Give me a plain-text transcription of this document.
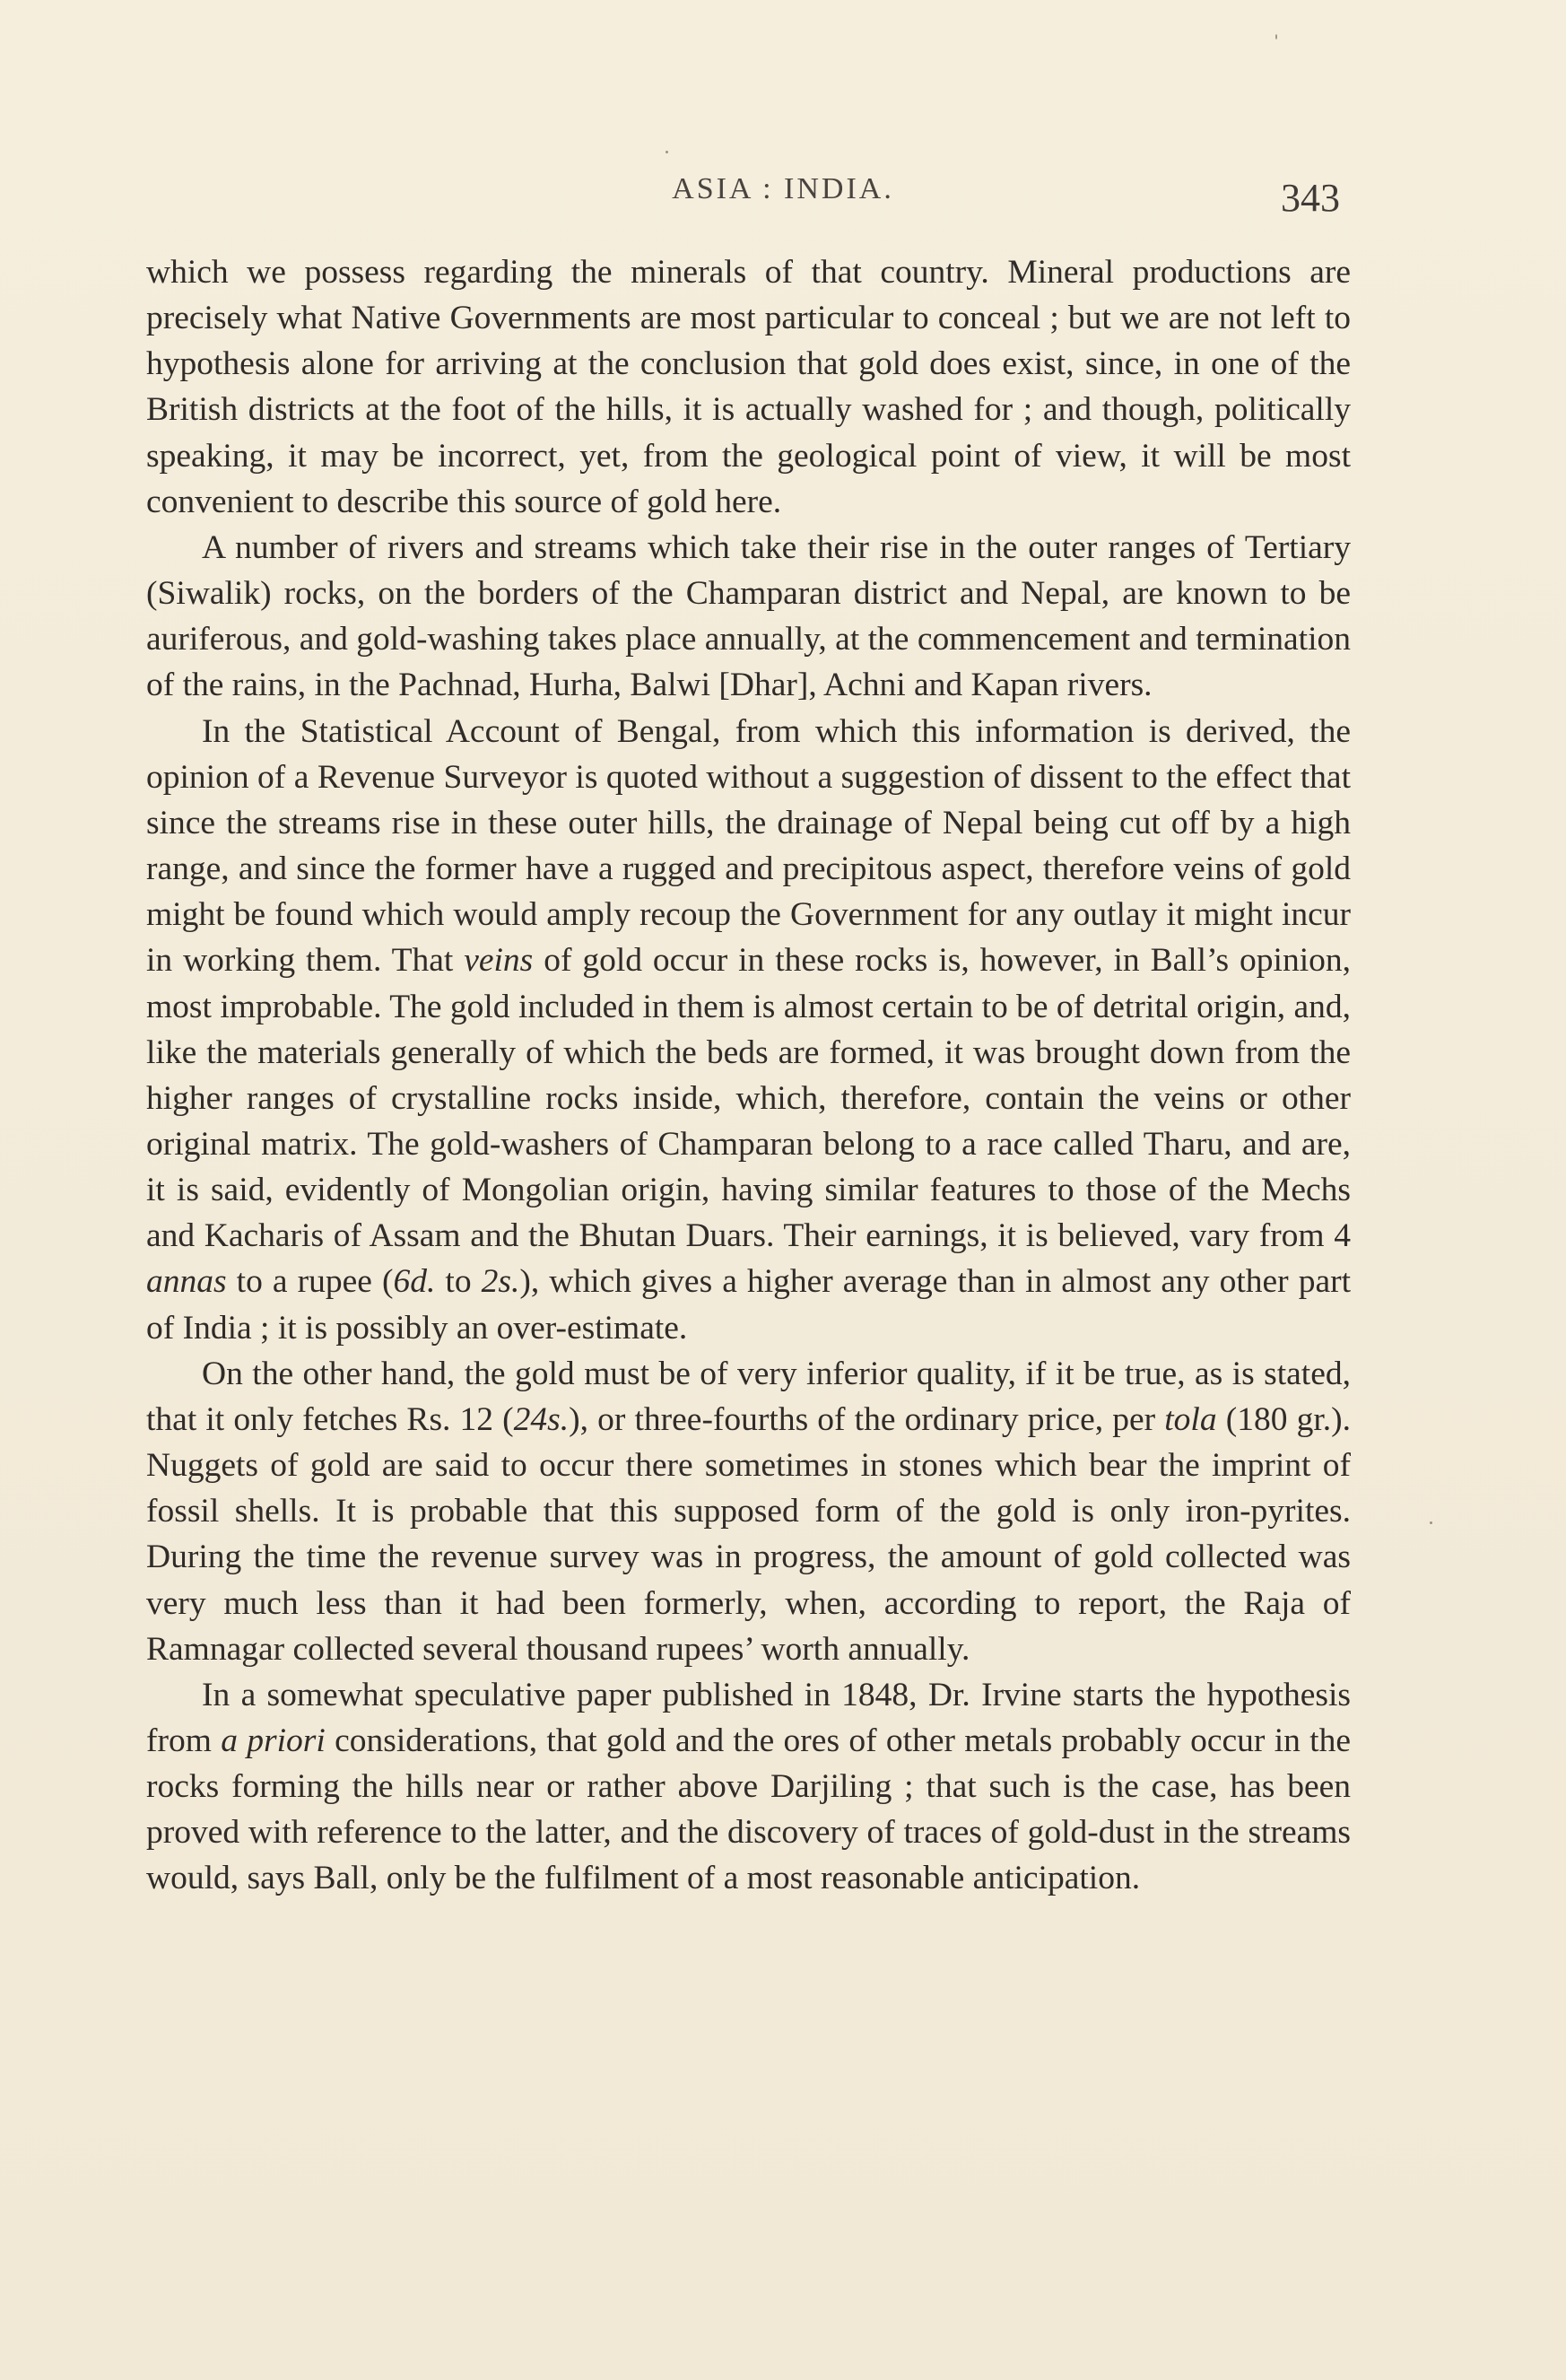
ASIA : INDIA.	343

which we possess regarding the minerals of that country. Mineral productions are precisely what Native Governments are most particular to conceal ; but we are not left to hypothesis alone for arriving at the conclusion that gold does exist, since, in one of the British districts at the foot of the hills, it is actually washed for ; and though, politically speaking, it may be incorrect, yet, from the geological point of view, it will be most convenient to describe this source of gold here.

A number of rivers and streams which take their rise in the outer ranges of Tertiary (Siwalik) rocks, on the borders of the Champaran district and Nepal, are known to be auriferous, and gold-washing takes place annually, at the commencement and termination of the rains, in the Pachnad, Hurha, Balwi [Dhar], Achni and Kapan rivers.

In the Statistical Account of Bengal, from which this information is derived, the opinion of a Revenue Surveyor is quoted without a suggestion of dissent to the effect that since the streams rise in these outer hills, the drainage of Nepal being cut off by a high range, and since the former have a rugged and precipitous aspect, therefore veins of gold might be found which would amply recoup the Government for any outlay it might incur in working them. That veins of gold occur in these rocks is, however, in Ball’s opinion, most improbable. The gold included in them is almost certain to be of detrital origin, and, like the materials generally of which the beds are formed, it was brought down from the higher ranges of crystalline rocks inside, which, therefore, contain the veins or other original matrix. The gold-washers of Champaran belong to a race called Tharu, and are, it is said, evidently of Mongolian origin, having similar features to those of the Mechs and Kacharis of Assam and the Bhutan Duars. Their earnings, it is believed, vary from 4 annas to a rupee (6d. to 2s.), which gives a higher average than in almost any other part of India ; it is possibly an over-estimate.

On the other hand, the gold must be of very inferior quality, if it be true, as is stated, that it only fetches Rs. 12 (24s.), or three-fourths of the ordinary price, per tola (180 gr.). Nuggets of gold are said to occur there sometimes in stones which bear the imprint of fossil shells. It is probable that this supposed form of the gold is only iron-pyrites. During the time the revenue survey was in progress, the amount of gold collected was very much less than it had been formerly, when, according to report, the Raja of Ramnagar collected several thousand rupees’ worth annually.

In a somewhat speculative paper published in 1848, Dr. Irvine starts the hypothesis from a priori considerations, that gold and the ores of other metals probably occur in the rocks forming the hills near or rather above Darjiling ; that such is the case, has been proved with reference to the latter, and the discovery of traces of gold-dust in the streams would, says Ball, only be the fulfilment of a most reasonable anticipation.
